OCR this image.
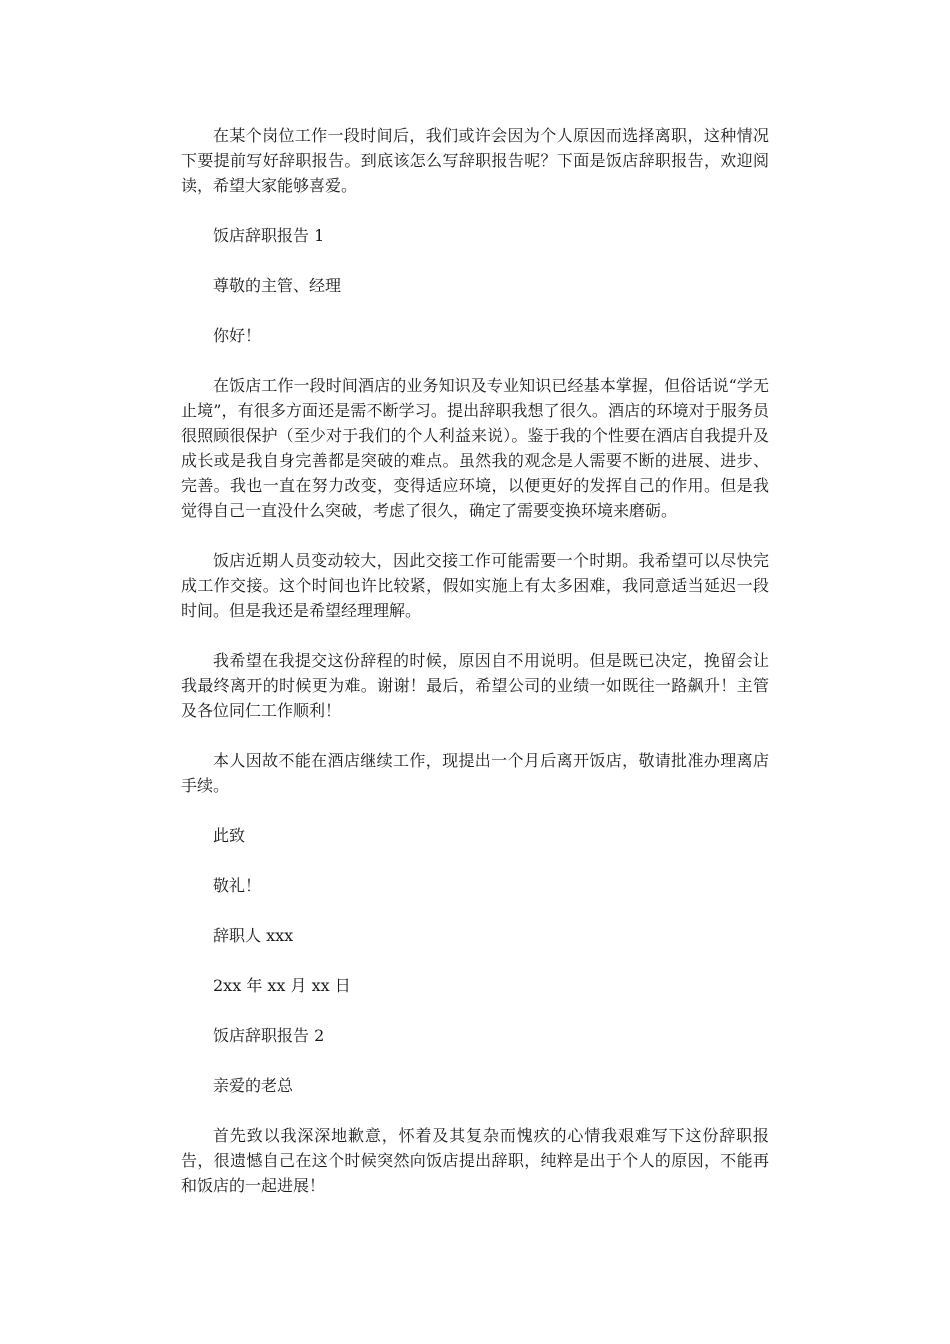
在某个岗位工作一段时间后，我们或许会因为个人原因而选择离职，这种情况下要提前写好辞职报告。到底该怎么写辞职报告呢？下面是饭店辞职报告，欢迎阅读，希望大家能够喜爱。

饭店辞职报告 1

尊敬的主管、经理

你好！

在饭店工作一段时间酒店的业务知识及专业知识已经基本掌握，但俗话说“学无止境”，有很多方面还是需不断学习。提出辞职我想了很久。酒店的环境对于服务员很照顾很保护（至少对于我们的个人利益来说）。鉴于我的个性要在酒店自我提升及成长或是我自身完善都是突破的难点。虽然我的观念是人需要不断的进展、进步、完善。我也一直在努力改变，变得适应环境，以便更好的发挥自己的作用。但是我觉得自己一直没什么突破，考虑了很久，确定了需要变换环境来磨砺。

饭店近期人员变动较大，因此交接工作可能需要一个时期。我希望可以尽快完成工作交接。这个时间也许比较紧，假如实施上有太多困难，我同意适当延迟一段时间。但是我还是希望经理理解。

我希望在我提交这份辞程的时候，原因自不用说明。但是既已决定，挽留会让我最终离开的时候更为难。谢谢！最后，希望公司的业绩一如既往一路飙升！主管及各位同仁工作顺利！

本人因故不能在酒店继续工作，现提出一个月后离开饭店，敬请批准办理离店手续。

此致

敬礼！

辞职人 xxx

2xx 年 xx 月 xx 日

饭店辞职报告 2

亲爱的老总

首先致以我深深地歉意，怀着及其复杂而愧疚的心情我艰难写下这份辞职报告，很遗憾自己在这个时候突然向饭店提出辞职，纯粹是出于个人的原因，不能再和饭店的一起进展！
